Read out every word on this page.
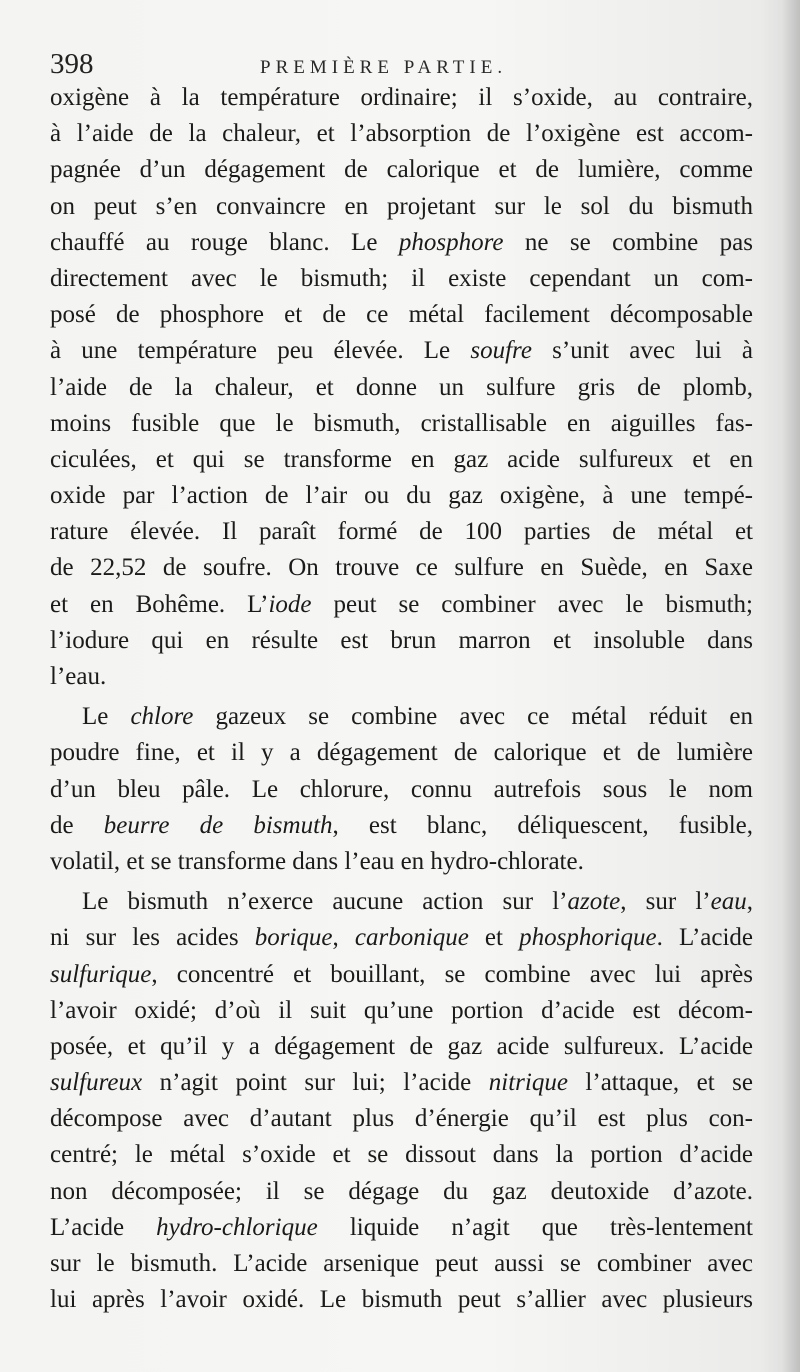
398	PREMIÈRE PARTIE.
oxigène à la température ordinaire; il s’oxide, au contraire,
à l’aide de la chaleur, et l’absorption de l’oxigène est accom-
pagnée d’un dégagement de calorique et de lumière, comme
on peut s’en convaincre en projetant sur le sol du bismuth
chauffé au rouge blanc. Le phosphore ne se combine pas
directement avec le bismuth; il existe cependant un com-
posé de phosphore et de ce métal facilement décomposable
à une température peu élevée. Le soufre s’unit avec lui à
l’aide de la chaleur, et donne un sulfure gris de plomb,
moins fusible que le bismuth, cristallisable en aiguilles fas-
ciculées, et qui se transforme en gaz acide sulfureux et en
oxide par l’action de l’air ou du gaz oxigène, à une tempé-
rature élevée. Il paraît formé de 100 parties de métal et
de 22,52 de soufre. On trouve ce sulfure en Suède, en Saxe
et en Bohême. L’iode peut se combiner avec le bismuth;
l’iodure qui en résulte est brun marron et insoluble dans
l’eau.
Le chlore gazeux se combine avec ce métal réduit en
poudre fine, et il y a dégagement de calorique et de lumière
d’un bleu pâle. Le chlorure, connu autrefois sous le nom
de beurre de bismuth, est blanc, déliquescent, fusible,
volatil, et se transforme dans l’eau en hydro-chlorate.
Le bismuth n’exerce aucune action sur l’azote, sur l’eau,
ni sur les acides borique, carbonique et phosphorique. L’acide
sulfurique, concentré et bouillant, se combine avec lui après
l’avoir oxidé; d’où il suit qu’une portion d’acide est décom-
posée, et qu’il y a dégagement de gaz acide sulfureux. L’acide
sulfureux n’agit point sur lui; l’acide nitrique l’attaque, et se
décompose avec d’autant plus d’énergie qu’il est plus con-
centré; le métal s’oxide et se dissout dans la portion d’acide
non décomposée; il se dégage du gaz deutoxide d’azote.
L’acide hydro-chlorique liquide n’agit que très-lentement
sur le bismuth. L’acide arsenique peut aussi se combiner avec
lui après l’avoir oxidé. Le bismuth peut s’allier avec plusieurs
